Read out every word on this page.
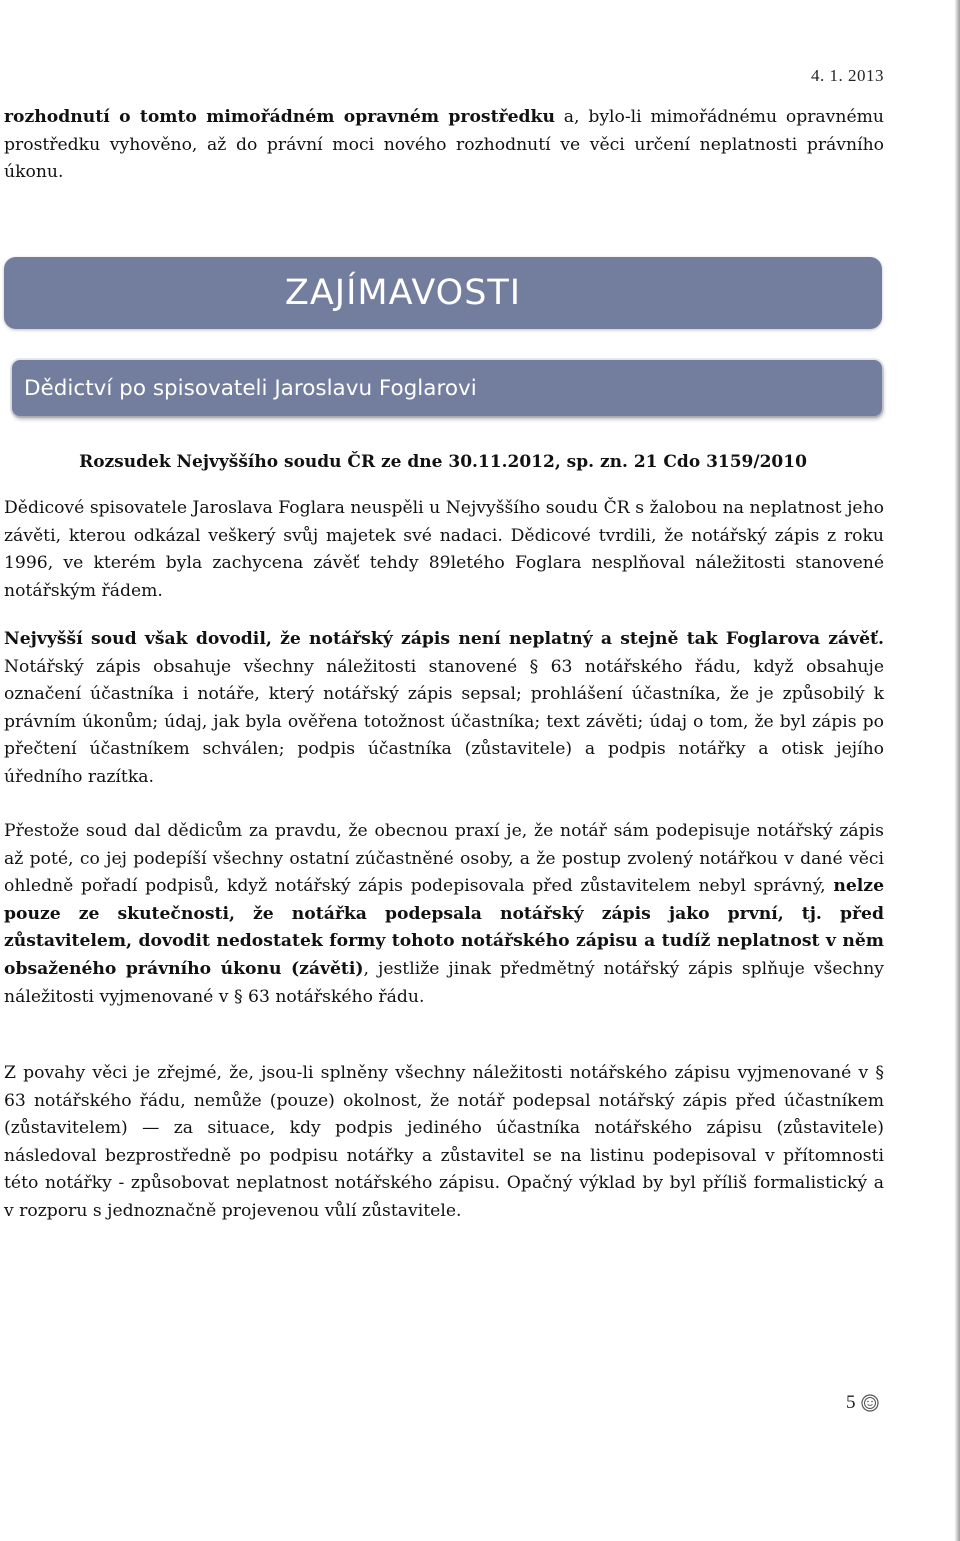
4. 1. 2013

rozhodnutí o tomto mimořádném opravném prostředku a, bylo-li mimořádnému opravnému prostředku vyhověno, až do právní moci nového rozhodnutí ve věci určení neplatnosti právního úkonu.

ZAJÍMAVOSTI
Dědictví po spisovateli Jaroslavu Foglarovi
Rozsudek Nejvyššího soudu ČR ze dne 30.11.2012, sp. zn. 21 Cdo 3159/2010

Dědicové spisovatele Jaroslava Foglara neuspěli u Nejvyššího soudu ČR s žalobou na neplatnost jeho závěti, kterou odkázal veškerý svůj majetek své nadaci. Dědicové tvrdili, že notářský zápis z roku 1996, ve kterém byla zachycena závěť tehdy 89letého Foglara nesplňoval náležitosti stanovené notářským řádem.

Nejvyšší soud však dovodil, že notářský zápis není neplatný a stejně tak Foglarova závěť. Notářský zápis obsahuje všechny náležitosti stanovené § 63 notářského řádu, když obsahuje označení účastníka i notáře, který notářský zápis sepsal; prohlášení účastníka, že je způsobilý k právním úkonům; údaj, jak byla ověřena totožnost účastníka; text závěti; údaj o tom, že byl zápis po přečtení účastníkem schválen; podpis účastníka (zůstavitele) a podpis notářky a otisk jejího úředního razítka.

Přestože soud dal dědicům za pravdu, že obecnou praxí je, že notář sám podepisuje notářský zápis až poté, co jej podepíší všechny ostatní zúčastněné osoby, a že postup zvolený notářkou v dané věci ohledně pořadí podpisů, když notářský zápis podepisovala před zůstavitelem nebyl správný, nelze pouze ze skutečnosti, že notářka podepsala notářský zápis jako první, tj. před zůstavitelem, dovodit nedostatek formy tohoto notářského zápisu a tudíž neplatnost v něm obsaženého právního úkonu (závěti), jestliže jinak předmětný notářský zápis splňuje všechny náležitosti vyjmenované v § 63 notářského řádu.

Z povahy věci je zřejmé, že, jsou-li splněny všechny náležitosti notářského zápisu vyjmenované v § 63 notářského řádu, nemůže (pouze) okolnost, že notář podepsal notářský zápis před účastníkem (zůstavitelem) — za situace, kdy podpis jediného účastníka notářského zápisu (zůstavitele) následoval bezprostředně po podpisu notářky a zůstavitel se na listinu podepisoval v přítomnosti této notářky - způsobovat neplatnost notářského zápisu. Opačný výklad by byl příliš formalistický a v rozporu s jednoznačně projevenou vůlí zůstavitele.

5
